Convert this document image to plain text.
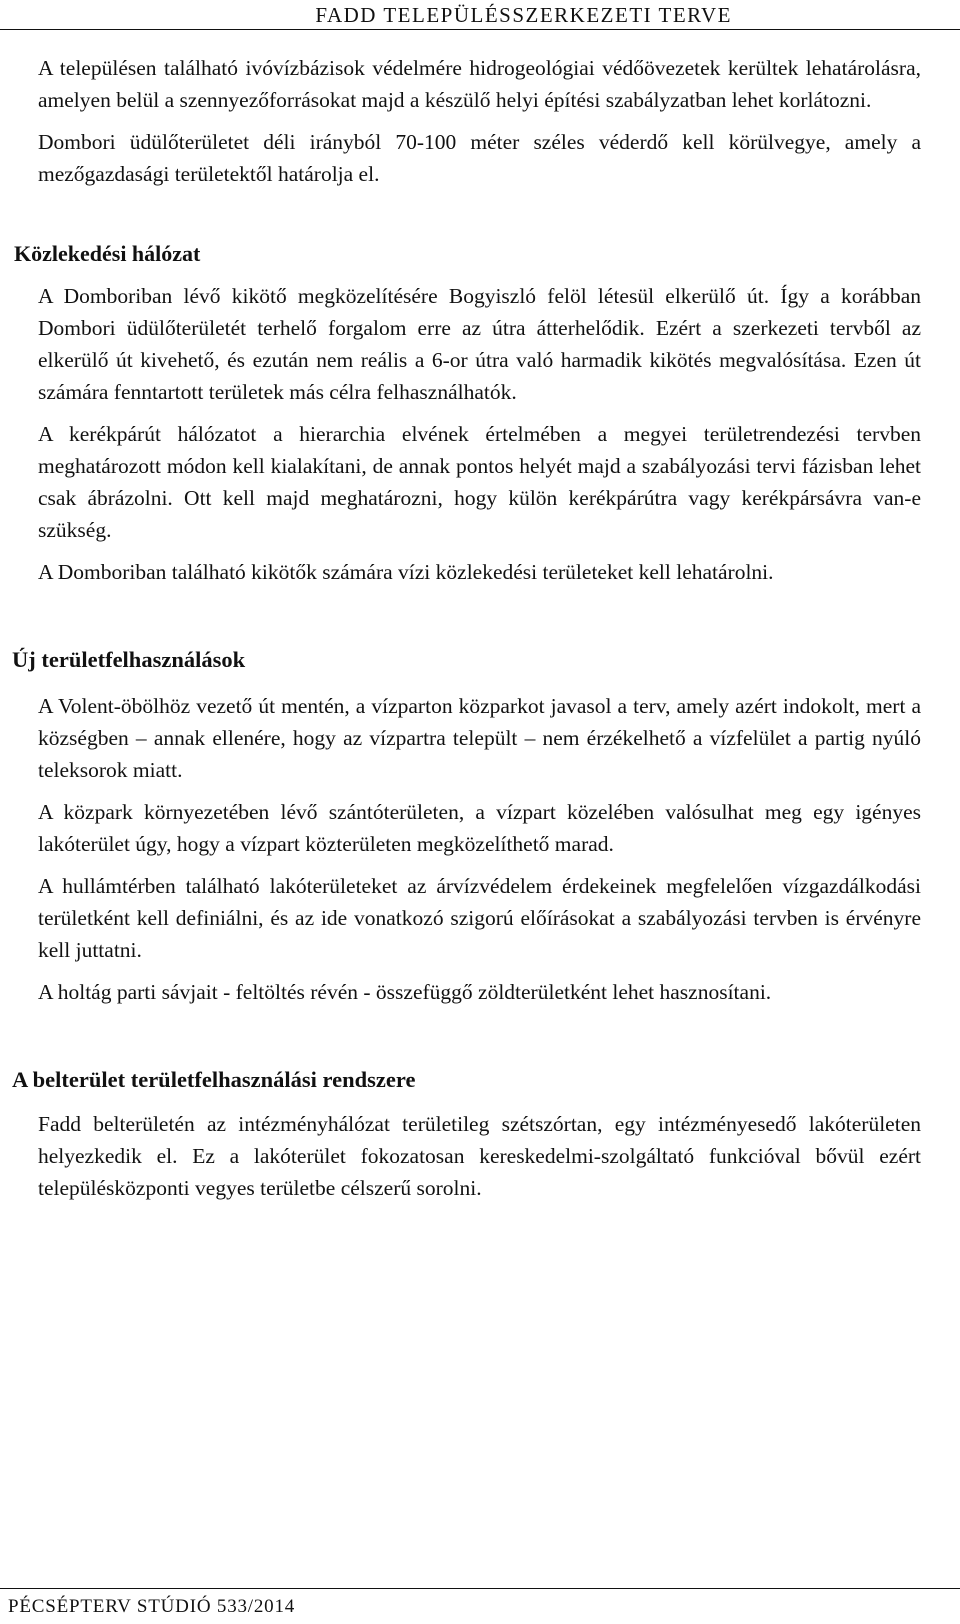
FADD TELEPÜLÉSSZERKEZETI TERVE

A településen található ivóvízbázisok védelmére hidrogeológiai védőövezetek kerültek lehatárolásra, amelyen belül a szennyezőforrásokat majd a készülő helyi építési szabályzatban lehet korlátozni.

Dombori üdülőterületet déli irányból 70-100 méter széles véderdő kell körülvegye, amely a mezőgazdasági területektől határolja el.

Közlekedési hálózat

A Domboriban lévő kikötő megközelítésére Bogyiszló felöl létesül elkerülő út. Így a korábban Dombori üdülőterületét terhelő forgalom erre az útra átterhelődik. Ezért a szerkezeti tervből az elkerülő út kivehető, és ezután nem reális a 6-or útra való harmadik kikötés megvalósítása. Ezen út számára fenntartott területek más célra felhasználhatók.

A kerékpárút hálózatot a hierarchia elvének értelmében a megyei területrendezési tervben meghatározott módon kell kialakítani, de annak pontos helyét majd a szabályozási tervi fázisban lehet csak ábrázolni. Ott kell majd meghatározni, hogy külön kerékpárútra vagy kerékpársávra van-e szükség.

A Domboriban található kikötők számára vízi közlekedési területeket kell lehatárolni.

Új területfelhasználások

A Volent-öbölhöz vezető út mentén, a vízparton közparkot javasol a terv, amely azért indokolt, mert a községben – annak ellenére, hogy az vízpartra települt – nem érzékelhető a vízfelület a partig nyúló teleksorok miatt.

A közpark környezetében lévő szántóterületen, a vízpart közelében valósulhat meg egy igényes lakóterület úgy, hogy a vízpart közterületen megközelíthető marad.

A hullámtérben található lakóterületeket az árvízvédelem érdekeinek megfelelően vízgazdálkodási területként kell definiálni, és az ide vonatkozó szigorú előírásokat a szabályozási tervben is érvényre kell juttatni.

A holtág parti sávjait - feltöltés révén - összefüggő zöldterületként lehet hasznosítani.

A belterület területfelhasználási rendszere

Fadd belterületén az intézményhálózat területileg szétszórtan, egy intézményesedő lakóterületen helyezkedik el. Ez a lakóterület fokozatosan kereskedelmi-szolgáltató funkcióval bővül ezért településközponti vegyes területbe célszerű sorolni.

PÉCSÉPTERV STÚDIÓ 533/2014
